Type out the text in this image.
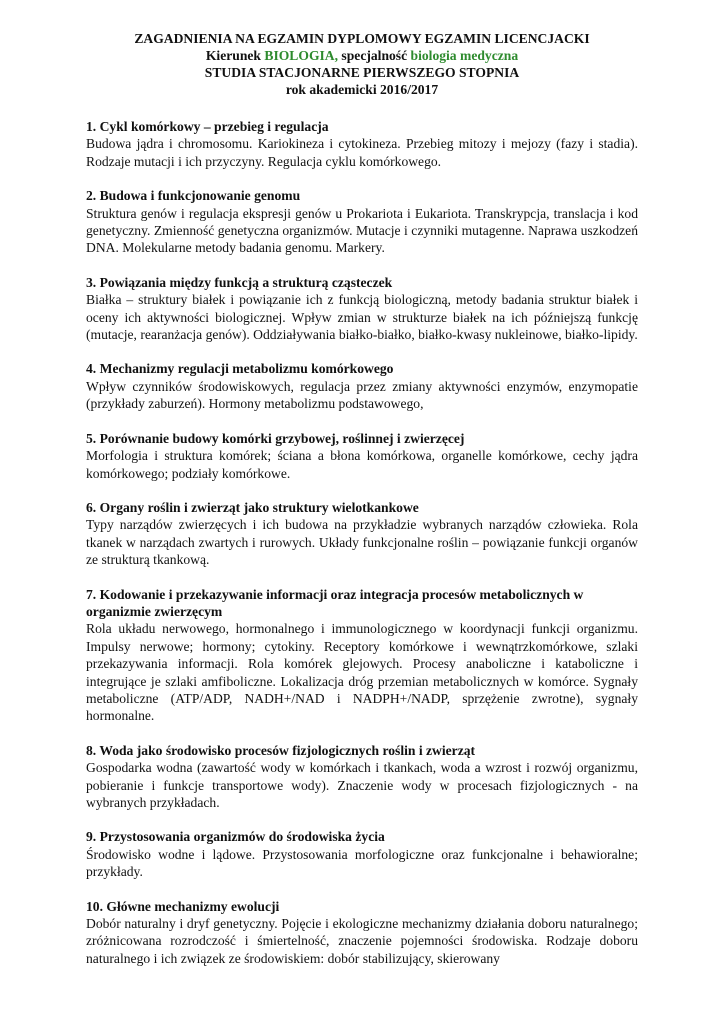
ZAGADNIENIA NA EGZAMIN DYPLOMOWY EGZAMIN LICENCJACKI
Kierunek BIOLOGIA, specjalność biologia medyczna
STUDIA STACJONARNE PIERWSZEGO STOPNIA
rok akademicki 2016/2017
1. Cykl komórkowy – przebieg i regulacja
Budowa jądra i chromosomu. Kariokineza i cytokineza. Przebieg mitozy i mejozy (fazy i stadia). Rodzaje mutacji i ich przyczyny. Regulacja cyklu komórkowego.
2. Budowa i funkcjonowanie genomu
Struktura genów i regulacja ekspresji genów u Prokariota i Eukariota. Transkrypcja, translacja i kod genetyczny. Zmienność genetyczna organizmów. Mutacje i czynniki mutagenne. Naprawa uszkodzeń DNA. Molekularne metody badania genomu. Markery.
3. Powiązania między funkcją a strukturą cząsteczek
Białka – struktury białek i powiązanie ich z funkcją biologiczną, metody badania struktur białek i oceny ich aktywności biologicznej. Wpływ zmian w strukturze białek na ich późniejszą funkcję (mutacje, rearanżacja genów). Oddziaływania białko-białko, białko-kwasy nukleinowe, białko-lipidy.
4. Mechanizmy regulacji metabolizmu komórkowego
Wpływ czynników środowiskowych, regulacja przez zmiany aktywności enzymów, enzymopatie (przykłady zaburzeń). Hormony metabolizmu podstawowego,
5. Porównanie budowy komórki grzybowej, roślinnej i zwierzęcej
Morfologia i struktura komórek; ściana a błona komórkowa, organelle komórkowe, cechy jądra komórkowego; podziały komórkowe.
6. Organy roślin i zwierząt jako struktury wielotkankowe
Typy narządów zwierzęcych i ich budowa na przykładzie wybranych narządów człowieka. Rola tkanek w narządach zwartych i rurowych. Układy funkcjonalne roślin – powiązanie funkcji organów ze strukturą tkankową.
7. Kodowanie i przekazywanie informacji oraz integracja procesów metabolicznych w organizmie zwierzęcym
Rola układu nerwowego, hormonalnego i immunologicznego w koordynacji funkcji organizmu. Impulsy nerwowe; hormony; cytokiny. Receptory komórkowe i wewnątrzkomórkowe, szlaki przekazywania informacji. Rola komórek glejowych. Procesy anaboliczne i kataboliczne i integrujące je szlaki amfiboliczne. Lokalizacja dróg przemian metabolicznych w komórce. Sygnały metaboliczne (ATP/ADP, NADH+/NAD i NADPH+/NADP, sprzężenie zwrotne), sygnały hormonalne.
8. Woda jako środowisko procesów fizjologicznych roślin i zwierząt
Gospodarka wodna (zawartość wody w komórkach i tkankach, woda a wzrost i rozwój organizmu, pobieranie i funkcje transportowe wody). Znaczenie wody w procesach fizjologicznych - na wybranych przykładach.
9. Przystosowania organizmów do środowiska życia
Środowisko wodne i lądowe. Przystosowania morfologiczne oraz funkcjonalne i behawioralne; przykłady.
10. Główne mechanizmy ewolucji
Dobór naturalny i dryf genetyczny. Pojęcie i ekologiczne mechanizmy działania doboru naturalnego; zróżnicowana rozrodczość i śmiertelność, znaczenie pojemności środowiska. Rodzaje doboru naturalnego i ich związek ze środowiskiem: dobór stabilizujący, skierowany
